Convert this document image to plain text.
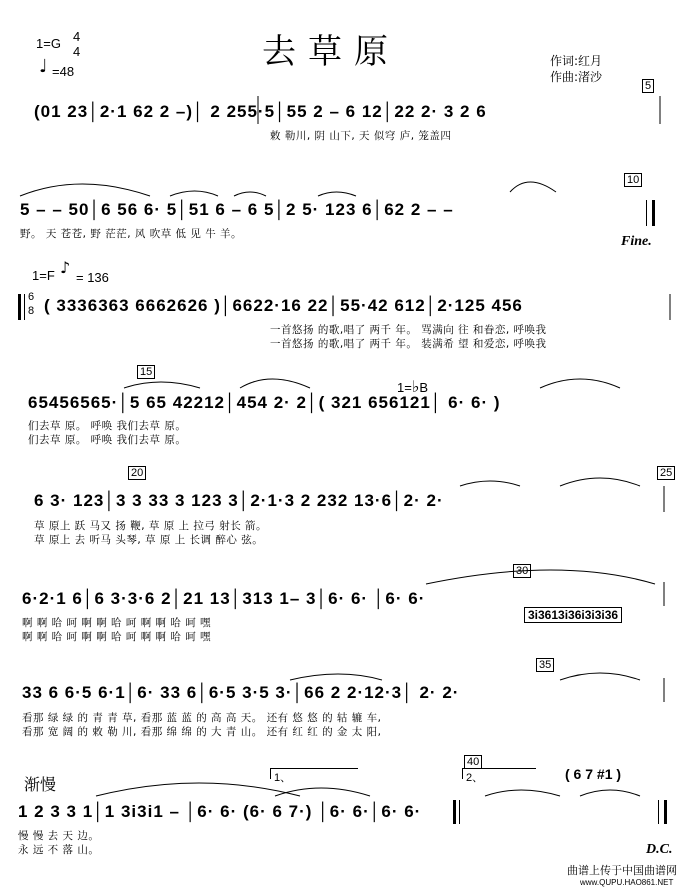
去草原
1=G 4
4
♩ =48
作词:红月
作曲:渚沙
5
10
15
20	25
30
35
40
(01 23│2·1 62 2 –)│ 2 255·5│55 2 – 6 12│22 2· 3 2 6
敕 勒川, 阴 山下, 天 似穹 庐, 笼盖四
5 – – 50│6 56 6· 5│51 6 – 6 5│2 5· 123 6│62 2 – –
野。 天 苍苍, 野 茫茫, 风 吹草 低 见 牛 羊。	Fine.
1=F ♪
= 136
6
8 ( 3336363 6662626 )│6622·16 22│55·42 612│2·125 456
一首悠扬 的歌,唱了 两千 年。 骂满向 往 和眷恋, 呼唤我
一首悠扬 的歌,唱了 两千 年。 装满希 望 和爱恋, 呼唤我
1=♭B
65456565·│5 65 42212│454 2· 2│( 321 656121│ 6· 6· )
们去草 原。 呼唤 我们去草 原。
们去草 原。 呼唤 我们去草 原。
6 3· 123│3 3 33 3 123 3│2·1·3 2 232 13·6│2· 2·
草 原上 跃 马又 扬 鞭, 草 原 上 拉弓 射长 箭。
草 原上 去 听马 头琴, 草 原 上 长调 醉心 弦。
6·2·1 6│6 3·3·6 2│21 13│313 1– 3│6· 6· │6· 6·
啊 啊 哈 呵 啊 啊 哈 呵 啊 啊 哈 呵 嘿
啊 啊 哈 呵 啊 啊 哈 呵 啊 啊 哈 呵 嘿
3i3613i36i3i3i36
33 6 6·5 6·1│6· 33 6│6·5 3·5 3·│66 2 2·12·3│ 2· 2·
看那 绿 绿 的 青 青 草, 看那 蓝 蓝 的 高 高 天。 还有 悠 悠 的 轱 辘 车,
看那 宽 阔 的 敕 勒 川, 看那 绵 绵 的 大 青 山。 还有 红 红 的 金 太 阳,
渐慢	1、	2、	( 6 7 #1 )
1 2 3 3 1│1 3i3i1 – │6· 6· (6· 6 7·) │6· 6·│6· 6·
慢 慢 去 天 边。
永 远 不 落 山。	D.C.
曲谱上传于中国曲谱网
www.QUPU.HAO861.NET
